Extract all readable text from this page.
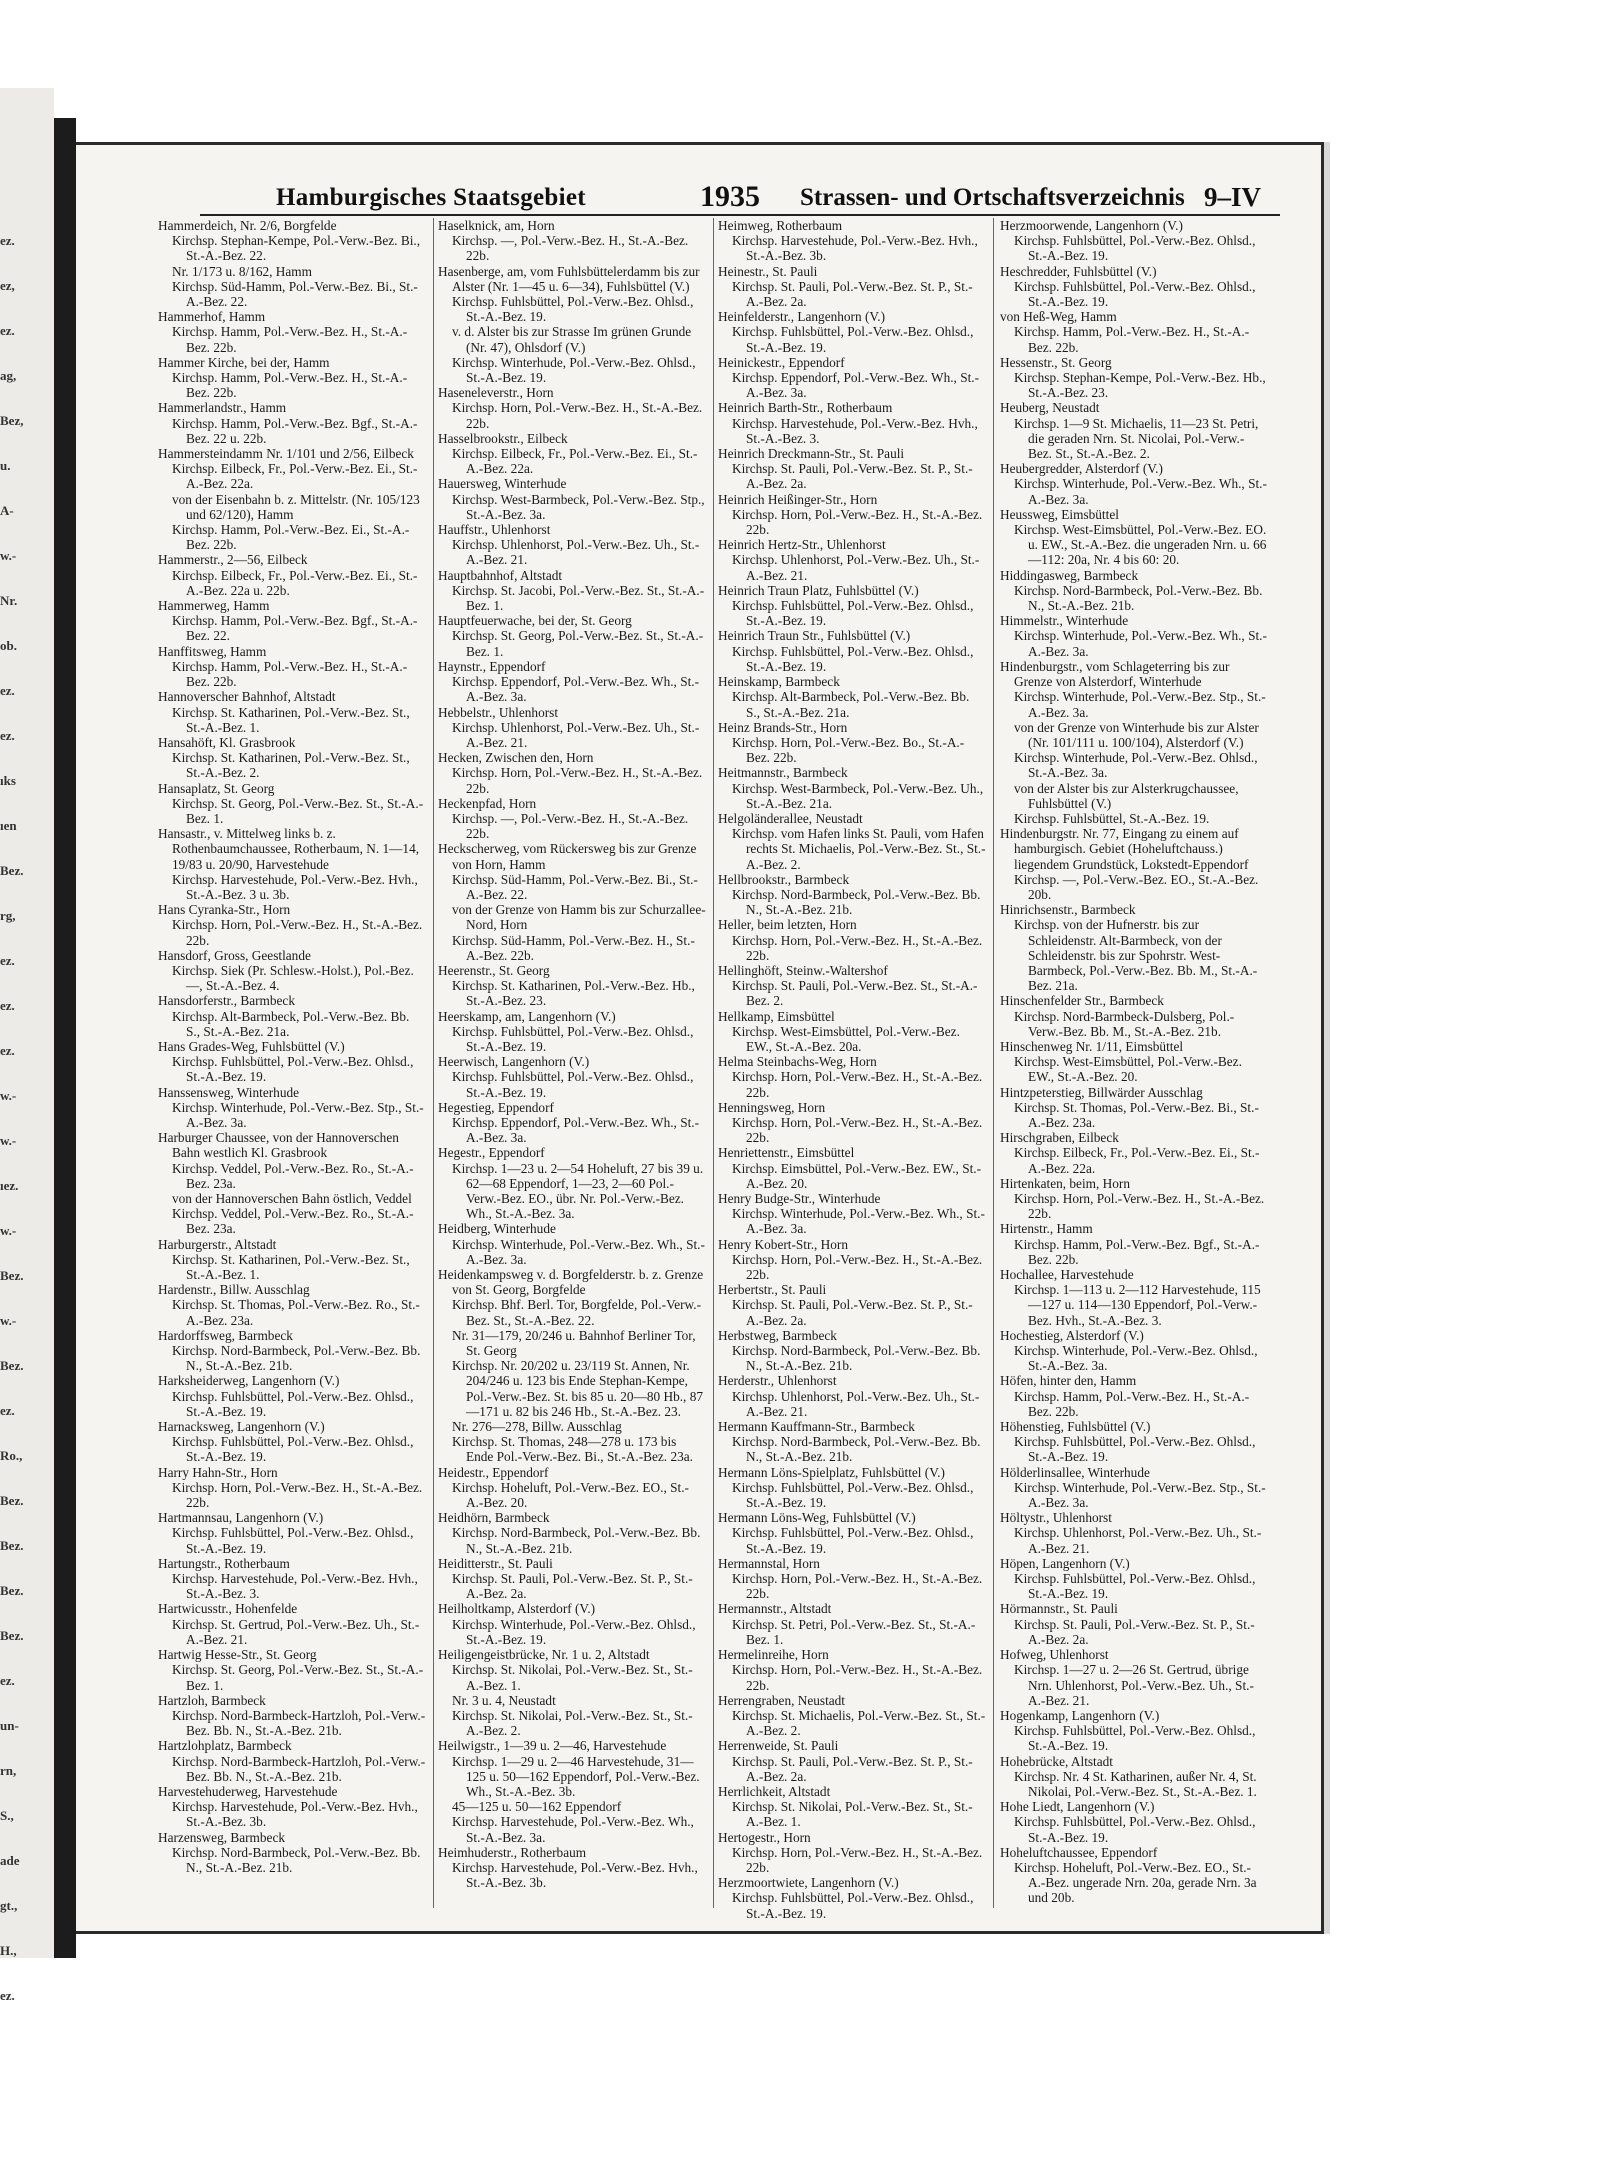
ez.
ez,
ez.
ag,
Bez,
u.
A-
w.-
Nr.
ob.
ez.
ez.
ıks
ıen
Bez.
rg,
ez.
ez.
ez.
w.-
w.-
ıez.
w.-
Bez.
w.-
Bez.
ez.
Ro.,
Bez.
Bez.
Bez.
Bez.
ez.
un-
rn,
S.,
ade
gt.,
H.,
ez.
Hamburgisches Staatsgebiet	1935 Strassen- und Ortschaftsverzeichnis 9–IV
Hammerdeich, Nr. 2/6, Borgfelde
Kirchsp. Stephan-Kempe, Pol.-Verw.-Bez. Bi., St.-A.-Bez. 22.
Nr. 1/173 u. 8/162, Hamm
Kirchsp. Süd-Hamm, Pol.-Verw.-Bez. Bi., St.-A.-Bez. 22.
Hammerhof, Hamm
Kirchsp. Hamm, Pol.-Verw.-Bez. H., St.-A.-Bez. 22b.
Hammer Kirche, bei der, Hamm
Kirchsp. Hamm, Pol.-Verw.-Bez. H., St.-A.-Bez. 22b.
Hammerlandstr., Hamm
Kirchsp. Hamm, Pol.-Verw.-Bez. Bgf., St.-A.-Bez. 22 u. 22b.
Hammersteindamm Nr. 1/101 und 2/56, Eilbeck
Kirchsp. Eilbeck, Fr., Pol.-Verw.-Bez. Ei., St.-A.-Bez. 22a.
von der Eisenbahn b. z. Mittelstr. (Nr. 105/123 und 62/120), Hamm
Kirchsp. Hamm, Pol.-Verw.-Bez. Ei., St.-A.-Bez. 22b.
Hammerstr., 2—56, Eilbeck
Kirchsp. Eilbeck, Fr., Pol.-Verw.-Bez. Ei., St.-A.-Bez. 22a u. 22b.
Hammerweg, Hamm
Kirchsp. Hamm, Pol.-Verw.-Bez. Bgf., St.-A.-Bez. 22.
Hanffitsweg, Hamm
Kirchsp. Hamm, Pol.-Verw.-Bez. H., St.-A.-Bez. 22b.
Hannoverscher Bahnhof, Altstadt
Kirchsp. St. Katharinen, Pol.-Verw.-Bez. St., St.-A.-Bez. 1.
Hansahöft, Kl. Grasbrook
Kirchsp. St. Katharinen, Pol.-Verw.-Bez. St., St.-A.-Bez. 2.
Hansaplatz, St. Georg
Kirchsp. St. Georg, Pol.-Verw.-Bez. St., St.-A.-Bez. 1.
Hansastr., v. Mittelweg links b. z. Rothenbaumchaussee, Rotherbaum, N. 1—14, 19/83 u. 20/90, Harvestehude
Kirchsp. Harvestehude, Pol.-Verw.-Bez. Hvh., St.-A.-Bez. 3 u. 3b.
Hans Cyranka-Str., Horn
Kirchsp. Horn, Pol.-Verw.-Bez. H., St.-A.-Bez. 22b.
Hansdorf, Gross, Geestlande
Kirchsp. Siek (Pr. Schlesw.-Holst.), Pol.-Bez. —, St.-A.-Bez. 4.
Hansdorferstr., Barmbeck
Kirchsp. Alt-Barmbeck, Pol.-Verw.-Bez. Bb. S., St.-A.-Bez. 21a.
Hans Grades-Weg, Fuhlsbüttel (V.)
Kirchsp. Fuhlsbüttel, Pol.-Verw.-Bez. Ohlsd., St.-A.-Bez. 19.
Hanssensweg, Winterhude
Kirchsp. Winterhude, Pol.-Verw.-Bez. Stp., St.-A.-Bez. 3a.
Harburger Chaussee, von der Hannoverschen Bahn westlich Kl. Grasbrook
Kirchsp. Veddel, Pol.-Verw.-Bez. Ro., St.-A.-Bez. 23a.
von der Hannoverschen Bahn östlich, Veddel
Kirchsp. Veddel, Pol.-Verw.-Bez. Ro., St.-A.-Bez. 23a.
Harburgerstr., Altstadt
Kirchsp. St. Katharinen, Pol.-Verw.-Bez. St., St.-A.-Bez. 1.
Hardenstr., Billw. Ausschlag
Kirchsp. St. Thomas, Pol.-Verw.-Bez. Ro., St.-A.-Bez. 23a.
Hardorffsweg, Barmbeck
Kirchsp. Nord-Barmbeck, Pol.-Verw.-Bez. Bb. N., St.-A.-Bez. 21b.
Harksheiderweg, Langenhorn (V.)
Kirchsp. Fuhlsbüttel, Pol.-Verw.-Bez. Ohlsd., St.-A.-Bez. 19.
Harnacksweg, Langenhorn (V.)
Kirchsp. Fuhlsbüttel, Pol.-Verw.-Bez. Ohlsd., St.-A.-Bez. 19.
Harry Hahn-Str., Horn
Kirchsp. Horn, Pol.-Verw.-Bez. H., St.-A.-Bez. 22b.
Hartmannsau, Langenhorn (V.)
Kirchsp. Fuhlsbüttel, Pol.-Verw.-Bez. Ohlsd., St.-A.-Bez. 19.
Hartungstr., Rotherbaum
Kirchsp. Harvestehude, Pol.-Verw.-Bez. Hvh., St.-A.-Bez. 3.
Hartwicusstr., Hohenfelde
Kirchsp. St. Gertrud, Pol.-Verw.-Bez. Uh., St.-A.-Bez. 21.
Hartwig Hesse-Str., St. Georg
Kirchsp. St. Georg, Pol.-Verw.-Bez. St., St.-A.-Bez. 1.
Hartzloh, Barmbeck
Kirchsp. Nord-Barmbeck-Hartzloh, Pol.-Verw.-Bez. Bb. N., St.-A.-Bez. 21b.
Hartzlohplatz, Barmbeck
Kirchsp. Nord-Barmbeck-Hartzloh, Pol.-Verw.-Bez. Bb. N., St.-A.-Bez. 21b.
Harvestehuderweg, Harvestehude
Kirchsp. Harvestehude, Pol.-Verw.-Bez. Hvh., St.-A.-Bez. 3b.
Harzensweg, Barmbeck
Kirchsp. Nord-Barmbeck, Pol.-Verw.-Bez. Bb. N., St.-A.-Bez. 21b.
Haselknick, am, Horn
Kirchsp. —, Pol.-Verw.-Bez. H., St.-A.-Bez. 22b.
Hasenberge, am, vom Fuhlsbüttelerdamm bis zur Alster (Nr. 1—45 u. 6—34), Fuhlsbüttel (V.)
Kirchsp. Fuhlsbüttel, Pol.-Verw.-Bez. Ohlsd., St.-A.-Bez. 19.
v. d. Alster bis zur Strasse Im grünen Grunde (Nr. 47), Ohlsdorf (V.)
Kirchsp. Winterhude, Pol.-Verw.-Bez. Ohlsd., St.-A.-Bez. 19.
Haseneleverstr., Horn
Kirchsp. Horn, Pol.-Verw.-Bez. H., St.-A.-Bez. 22b.
Hasselbrookstr., Eilbeck
Kirchsp. Eilbeck, Fr., Pol.-Verw.-Bez. Ei., St.-A.-Bez. 22a.
Hauersweg, Winterhude
Kirchsp. West-Barmbeck, Pol.-Verw.-Bez. Stp., St.-A.-Bez. 3a.
Hauffstr., Uhlenhorst
Kirchsp. Uhlenhorst, Pol.-Verw.-Bez. Uh., St.-A.-Bez. 21.
Hauptbahnhof, Altstadt
Kirchsp. St. Jacobi, Pol.-Verw.-Bez. St., St.-A.-Bez. 1.
Hauptfeuerwache, bei der, St. Georg
Kirchsp. St. Georg, Pol.-Verw.-Bez. St., St.-A.-Bez. 1.
Haynstr., Eppendorf
Kirchsp. Eppendorf, Pol.-Verw.-Bez. Wh., St.-A.-Bez. 3a.
Hebbelstr., Uhlenhorst
Kirchsp. Uhlenhorst, Pol.-Verw.-Bez. Uh., St.-A.-Bez. 21.
Hecken, Zwischen den, Horn
Kirchsp. Horn, Pol.-Verw.-Bez. H., St.-A.-Bez. 22b.
Heckenpfad, Horn
Kirchsp. —, Pol.-Verw.-Bez. H., St.-A.-Bez. 22b.
Heckscherweg, vom Rückersweg bis zur Grenze von Horn, Hamm
Kirchsp. Süd-Hamm, Pol.-Verw.-Bez. Bi., St.-A.-Bez. 22.
von der Grenze von Hamm bis zur Schurzallee-Nord, Horn
Kirchsp. Süd-Hamm, Pol.-Verw.-Bez. H., St.-A.-Bez. 22b.
Heerenstr., St. Georg
Kirchsp. St. Katharinen, Pol.-Verw.-Bez. Hb., St.-A.-Bez. 23.
Heerskamp, am, Langenhorn (V.)
Kirchsp. Fuhlsbüttel, Pol.-Verw.-Bez. Ohlsd., St.-A.-Bez. 19.
Heerwisch, Langenhorn (V.)
Kirchsp. Fuhlsbüttel, Pol.-Verw.-Bez. Ohlsd., St.-A.-Bez. 19.
Hegestieg, Eppendorf
Kirchsp. Eppendorf, Pol.-Verw.-Bez. Wh., St.-A.-Bez. 3a.
Hegestr., Eppendorf
Kirchsp. 1—23 u. 2—54 Hoheluft, 27 bis 39 u. 62—68 Eppendorf, 1—23, 2—60 Pol.-Verw.-Bez. EO., übr. Nr. Pol.-Verw.-Bez. Wh., St.-A.-Bez. 3a.
Heidberg, Winterhude
Kirchsp. Winterhude, Pol.-Verw.-Bez. Wh., St.-A.-Bez. 3a.
Heidenkampsweg v. d. Borgfelderstr. b. z. Grenze von St. Georg, Borgfelde
Kirchsp. Bhf. Berl. Tor, Borgfelde, Pol.-Verw.-Bez. St., St.-A.-Bez. 22.
Nr. 31—179, 20/246 u. Bahnhof Berliner Tor, St. Georg
Kirchsp. Nr. 20/202 u. 23/119 St. Annen, Nr. 204/246 u. 123 bis Ende Stephan-Kempe, Pol.-Verw.-Bez. St. bis 85 u. 20—80 Hb., 87—171 u. 82 bis 246 Hb., St.-A.-Bez. 23.
Nr. 276—278, Billw. Ausschlag
Kirchsp. St. Thomas, 248—278 u. 173 bis Ende Pol.-Verw.-Bez. Bi., St.-A.-Bez. 23a.
Heidestr., Eppendorf
Kirchsp. Hoheluft, Pol.-Verw.-Bez. EO., St.-A.-Bez. 20.
Heidhörn, Barmbeck
Kirchsp. Nord-Barmbeck, Pol.-Verw.-Bez. Bb. N., St.-A.-Bez. 21b.
Heiditterstr., St. Pauli
Kirchsp. St. Pauli, Pol.-Verw.-Bez. St. P., St.-A.-Bez. 2a.
Heilholtkamp, Alsterdorf (V.)
Kirchsp. Winterhude, Pol.-Verw.-Bez. Ohlsd., St.-A.-Bez. 19.
Heiligengeistbrücke, Nr. 1 u. 2, Altstadt
Kirchsp. St. Nikolai, Pol.-Verw.-Bez. St., St.-A.-Bez. 1.
Nr. 3 u. 4, Neustadt
Kirchsp. St. Nikolai, Pol.-Verw.-Bez. St., St.-A.-Bez. 2.
Heilwigstr., 1—39 u. 2—46, Harvestehude
Kirchsp. 1—29 u. 2—46 Harvestehude, 31—125 u. 50—162 Eppendorf, Pol.-Verw.-Bez. Wh., St.-A.-Bez. 3b.
45—125 u. 50—162 Eppendorf
Kirchsp. Harvestehude, Pol.-Verw.-Bez. Wh., St.-A.-Bez. 3a.
Heimhuderstr., Rotherbaum
Kirchsp. Harvestehude, Pol.-Verw.-Bez. Hvh., St.-A.-Bez. 3b.
Heimweg, Rotherbaum
Kirchsp. Harvestehude, Pol.-Verw.-Bez. Hvh., St.-A.-Bez. 3b.
Heinestr., St. Pauli
Kirchsp. St. Pauli, Pol.-Verw.-Bez. St. P., St.-A.-Bez. 2a.
Heinfelderstr., Langenhorn (V.)
Kirchsp. Fuhlsbüttel, Pol.-Verw.-Bez. Ohlsd., St.-A.-Bez. 19.
Heinickestr., Eppendorf
Kirchsp. Eppendorf, Pol.-Verw.-Bez. Wh., St.-A.-Bez. 3a.
Heinrich Barth-Str., Rotherbaum
Kirchsp. Harvestehude, Pol.-Verw.-Bez. Hvh., St.-A.-Bez. 3.
Heinrich Dreckmann-Str., St. Pauli
Kirchsp. St. Pauli, Pol.-Verw.-Bez. St. P., St.-A.-Bez. 2a.
Heinrich Heißinger-Str., Horn
Kirchsp. Horn, Pol.-Verw.-Bez. H., St.-A.-Bez. 22b.
Heinrich Hertz-Str., Uhlenhorst
Kirchsp. Uhlenhorst, Pol.-Verw.-Bez. Uh., St.-A.-Bez. 21.
Heinrich Traun Platz, Fuhlsbüttel (V.)
Kirchsp. Fuhlsbüttel, Pol.-Verw.-Bez. Ohlsd., St.-A.-Bez. 19.
Heinrich Traun Str., Fuhlsbüttel (V.)
Kirchsp. Fuhlsbüttel, Pol.-Verw.-Bez. Ohlsd., St.-A.-Bez. 19.
Heinskamp, Barmbeck
Kirchsp. Alt-Barmbeck, Pol.-Verw.-Bez. Bb. S., St.-A.-Bez. 21a.
Heinz Brands-Str., Horn
Kirchsp. Horn, Pol.-Verw.-Bez. Bo., St.-A.-Bez. 22b.
Heitmannstr., Barmbeck
Kirchsp. West-Barmbeck, Pol.-Verw.-Bez. Uh., St.-A.-Bez. 21a.
Helgoländerallee, Neustadt
Kirchsp. vom Hafen links St. Pauli, vom Hafen rechts St. Michaelis, Pol.-Verw.-Bez. St., St.-A.-Bez. 2.
Hellbrookstr., Barmbeck
Kirchsp. Nord-Barmbeck, Pol.-Verw.-Bez. Bb. N., St.-A.-Bez. 21b.
Heller, beim letzten, Horn
Kirchsp. Horn, Pol.-Verw.-Bez. H., St.-A.-Bez. 22b.
Hellinghöft, Steinw.-Waltershof
Kirchsp. St. Pauli, Pol.-Verw.-Bez. St., St.-A.-Bez. 2.
Hellkamp, Eimsbüttel
Kirchsp. West-Eimsbüttel, Pol.-Verw.-Bez. EW., St.-A.-Bez. 20a.
Helma Steinbachs-Weg, Horn
Kirchsp. Horn, Pol.-Verw.-Bez. H., St.-A.-Bez. 22b.
Henningsweg, Horn
Kirchsp. Horn, Pol.-Verw.-Bez. H., St.-A.-Bez. 22b.
Henriettenstr., Eimsbüttel
Kirchsp. Eimsbüttel, Pol.-Verw.-Bez. EW., St.-A.-Bez. 20.
Henry Budge-Str., Winterhude
Kirchsp. Winterhude, Pol.-Verw.-Bez. Wh., St.-A.-Bez. 3a.
Henry Kobert-Str., Horn
Kirchsp. Horn, Pol.-Verw.-Bez. H., St.-A.-Bez. 22b.
Herbertstr., St. Pauli
Kirchsp. St. Pauli, Pol.-Verw.-Bez. St. P., St.-A.-Bez. 2a.
Herbstweg, Barmbeck
Kirchsp. Nord-Barmbeck, Pol.-Verw.-Bez. Bb. N., St.-A.-Bez. 21b.
Herderstr., Uhlenhorst
Kirchsp. Uhlenhorst, Pol.-Verw.-Bez. Uh., St.-A.-Bez. 21.
Hermann Kauffmann-Str., Barmbeck
Kirchsp. Nord-Barmbeck, Pol.-Verw.-Bez. Bb. N., St.-A.-Bez. 21b.
Hermann Löns-Spielplatz, Fuhlsbüttel (V.)
Kirchsp. Fuhlsbüttel, Pol.-Verw.-Bez. Ohlsd., St.-A.-Bez. 19.
Hermann Löns-Weg, Fuhlsbüttel (V.)
Kirchsp. Fuhlsbüttel, Pol.-Verw.-Bez. Ohlsd., St.-A.-Bez. 19.
Hermannstal, Horn
Kirchsp. Horn, Pol.-Verw.-Bez. H., St.-A.-Bez. 22b.
Hermannstr., Altstadt
Kirchsp. St. Petri, Pol.-Verw.-Bez. St., St.-A.-Bez. 1.
Hermelinreihe, Horn
Kirchsp. Horn, Pol.-Verw.-Bez. H., St.-A.-Bez. 22b.
Herrengraben, Neustadt
Kirchsp. St. Michaelis, Pol.-Verw.-Bez. St., St.-A.-Bez. 2.
Herrenweide, St. Pauli
Kirchsp. St. Pauli, Pol.-Verw.-Bez. St. P., St.-A.-Bez. 2a.
Herrlichkeit, Altstadt
Kirchsp. St. Nikolai, Pol.-Verw.-Bez. St., St.-A.-Bez. 1.
Hertogestr., Horn
Kirchsp. Horn, Pol.-Verw.-Bez. H., St.-A.-Bez. 22b.
Herzmoortwiete, Langenhorn (V.)
Kirchsp. Fuhlsbüttel, Pol.-Verw.-Bez. Ohlsd., St.-A.-Bez. 19.
Herzmoorwende, Langenhorn (V.)
Kirchsp. Fuhlsbüttel, Pol.-Verw.-Bez. Ohlsd., St.-A.-Bez. 19.
Heschredder, Fuhlsbüttel (V.)
Kirchsp. Fuhlsbüttel, Pol.-Verw.-Bez. Ohlsd., St.-A.-Bez. 19.
von Heß-Weg, Hamm
Kirchsp. Hamm, Pol.-Verw.-Bez. H., St.-A.-Bez. 22b.
Hessenstr., St. Georg
Kirchsp. Stephan-Kempe, Pol.-Verw.-Bez. Hb., St.-A.-Bez. 23.
Heuberg, Neustadt
Kirchsp. 1—9 St. Michaelis, 11—23 St. Petri, die geraden Nrn. St. Nicolai, Pol.-Verw.-Bez. St., St.-A.-Bez. 2.
Heubergredder, Alsterdorf (V.)
Kirchsp. Winterhude, Pol.-Verw.-Bez. Wh., St.-A.-Bez. 3a.
Heussweg, Eimsbüttel
Kirchsp. West-Eimsbüttel, Pol.-Verw.-Bez. EO. u. EW., St.-A.-Bez. die ungeraden Nrn. u. 66—112: 20a, Nr. 4 bis 60: 20.
Hiddingasweg, Barmbeck
Kirchsp. Nord-Barmbeck, Pol.-Verw.-Bez. Bb. N., St.-A.-Bez. 21b.
Himmelstr., Winterhude
Kirchsp. Winterhude, Pol.-Verw.-Bez. Wh., St.-A.-Bez. 3a.
Hindenburgstr., vom Schlageterring bis zur Grenze von Alsterdorf, Winterhude
Kirchsp. Winterhude, Pol.-Verw.-Bez. Stp., St.-A.-Bez. 3a.
von der Grenze von Winterhude bis zur Alster (Nr. 101/111 u. 100/104), Alsterdorf (V.)
Kirchsp. Winterhude, Pol.-Verw.-Bez. Ohlsd., St.-A.-Bez. 3a.
von der Alster bis zur Alsterkrugchaussee, Fuhlsbüttel (V.)
Kirchsp. Fuhlsbüttel, St.-A.-Bez. 19.
Hindenburgstr. Nr. 77, Eingang zu einem auf hamburgisch. Gebiet (Hoheluftchauss.) liegendem Grundstück, Lokstedt-Eppendorf
Kirchsp. —, Pol.-Verw.-Bez. EO., St.-A.-Bez. 20b.
Hinrichsenstr., Barmbeck
Kirchsp. von der Hufnerstr. bis zur Schleidenstr. Alt-Barmbeck, von der Schleidenstr. bis zur Spohrstr. West-Barmbeck, Pol.-Verw.-Bez. Bb. M., St.-A.-Bez. 21a.
Hinschenfelder Str., Barmbeck
Kirchsp. Nord-Barmbeck-Dulsberg, Pol.-Verw.-Bez. Bb. M., St.-A.-Bez. 21b.
Hinschenweg Nr. 1/11, Eimsbüttel
Kirchsp. West-Eimsbüttel, Pol.-Verw.-Bez. EW., St.-A.-Bez. 20.
Hintzpeterstieg, Billwärder Ausschlag
Kirchsp. St. Thomas, Pol.-Verw.-Bez. Bi., St.-A.-Bez. 23a.
Hirschgraben, Eilbeck
Kirchsp. Eilbeck, Fr., Pol.-Verw.-Bez. Ei., St.-A.-Bez. 22a.
Hirtenkaten, beim, Horn
Kirchsp. Horn, Pol.-Verw.-Bez. H., St.-A.-Bez. 22b.
Hirtenstr., Hamm
Kirchsp. Hamm, Pol.-Verw.-Bez. Bgf., St.-A.-Bez. 22b.
Hochallee, Harvestehude
Kirchsp. 1—113 u. 2—112 Harvestehude, 115—127 u. 114—130 Eppendorf, Pol.-Verw.-Bez. Hvh., St.-A.-Bez. 3.
Hochestieg, Alsterdorf (V.)
Kirchsp. Winterhude, Pol.-Verw.-Bez. Ohlsd., St.-A.-Bez. 3a.
Höfen, hinter den, Hamm
Kirchsp. Hamm, Pol.-Verw.-Bez. H., St.-A.-Bez. 22b.
Höhenstieg, Fuhlsbüttel (V.)
Kirchsp. Fuhlsbüttel, Pol.-Verw.-Bez. Ohlsd., St.-A.-Bez. 19.
Hölderlinsallee, Winterhude
Kirchsp. Winterhude, Pol.-Verw.-Bez. Stp., St.-A.-Bez. 3a.
Höltystr., Uhlenhorst
Kirchsp. Uhlenhorst, Pol.-Verw.-Bez. Uh., St.-A.-Bez. 21.
Höpen, Langenhorn (V.)
Kirchsp. Fuhlsbüttel, Pol.-Verw.-Bez. Ohlsd., St.-A.-Bez. 19.
Hörmannstr., St. Pauli
Kirchsp. St. Pauli, Pol.-Verw.-Bez. St. P., St.-A.-Bez. 2a.
Hofweg, Uhlenhorst
Kirchsp. 1—27 u. 2—26 St. Gertrud, übrige Nrn. Uhlenhorst, Pol.-Verw.-Bez. Uh., St.-A.-Bez. 21.
Hogenkamp, Langenhorn (V.)
Kirchsp. Fuhlsbüttel, Pol.-Verw.-Bez. Ohlsd., St.-A.-Bez. 19.
Hohebrücke, Altstadt
Kirchsp. Nr. 4 St. Katharinen, außer Nr. 4, St. Nikolai, Pol.-Verw.-Bez. St., St.-A.-Bez. 1.
Hohe Liedt, Langenhorn (V.)
Kirchsp. Fuhlsbüttel, Pol.-Verw.-Bez. Ohlsd., St.-A.-Bez. 19.
Hoheluftchaussee, Eppendorf
Kirchsp. Hoheluft, Pol.-Verw.-Bez. EO., St.-A.-Bez. ungerade Nrn. 20a, gerade Nrn. 3a und 20b.
